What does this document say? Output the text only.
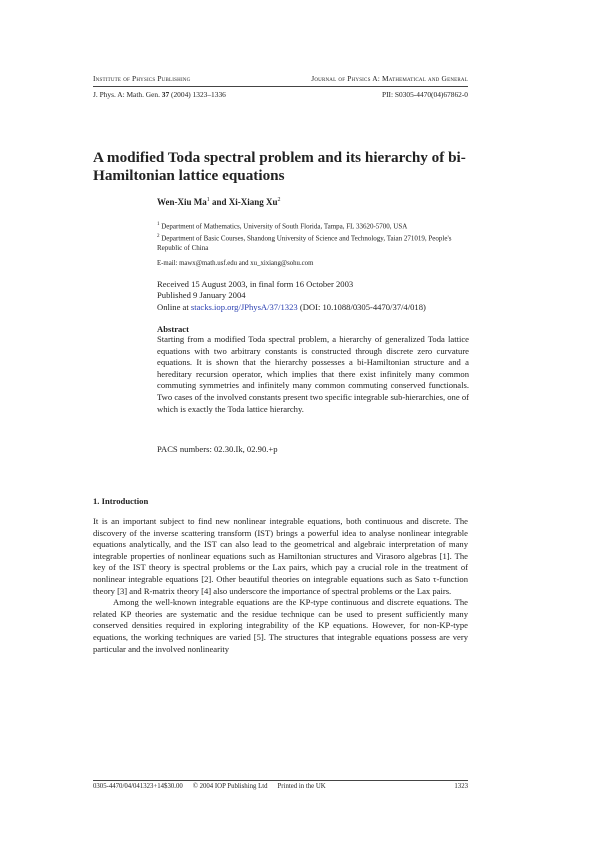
Institute of Physics Publishing	Journal of Physics A: Mathematical and General
J. Phys. A: Math. Gen. 37 (2004) 1323–1336	PII: S0305-4470(04)67862-0
A modified Toda spectral problem and its hierarchy of bi-Hamiltonian lattice equations
Wen-Xiu Ma$^1$ and Xi-Xiang Xu$^2$
$^1$ Department of Mathematics, University of South Florida, Tampa, FL 33620-5700, USA
$^2$ Department of Basic Courses, Shandong University of Science and Technology, Taian 271019, People's Republic of China
E-mail: mawx@math.usf.edu and xu_xixiang@sohu.com
Received 15 August 2003, in final form 16 October 2003
Published 9 January 2004
Online at stacks.iop.org/JPhysA/37/1323 (DOI: 10.1088/0305-4470/37/4/018)
Abstract
Starting from a modified Toda spectral problem, a hierarchy of generalized Toda lattice equations with two arbitrary constants is constructed through discrete zero curvature equations. It is shown that the hierarchy possesses a bi-Hamiltonian structure and a hereditary recursion operator, which implies that there exist infinitely many common commuting symmetries and infinitely many common commuting conserved functionals. Two cases of the involved constants present two specific integrable sub-hierarchies, one of which is exactly the Toda lattice hierarchy.
PACS numbers: 02.30.Ik, 02.90.+p
1. Introduction

It is an important subject to find new nonlinear integrable equations, both continuous and discrete. The discovery of the inverse scattering transform (IST) brings a powerful idea to analyse nonlinear integrable equations analytically, and the IST can also lead to the geometrical and algebraic interpretation of many integrable properties of nonlinear equations such as Hamiltonian structures and Virasoro algebras [1]. The key of the IST theory is spectral problems or the Lax pairs, which pay a crucial role in the treatment of nonlinear integrable equations [2]. Other beautiful theories on integrable equations such as Sato τ-function theory [3] and R-matrix theory [4] also underscore the importance of spectral problems or the Lax pairs.

Among the well-known integrable equations are the KP-type continuous and discrete equations. The related KP theories are systematic and the residue technique can be used to present sufficiently many conserved densities required in exploring integrability of the KP equations. However, for non-KP-type equations, the working techniques are varied [5]. The structures that integrable equations possess are very particular and the involved nonlinearity

0305-4470/04/041323+14$30.00 © 2004 IOP Publishing Ltd Printed in the UK	1323
